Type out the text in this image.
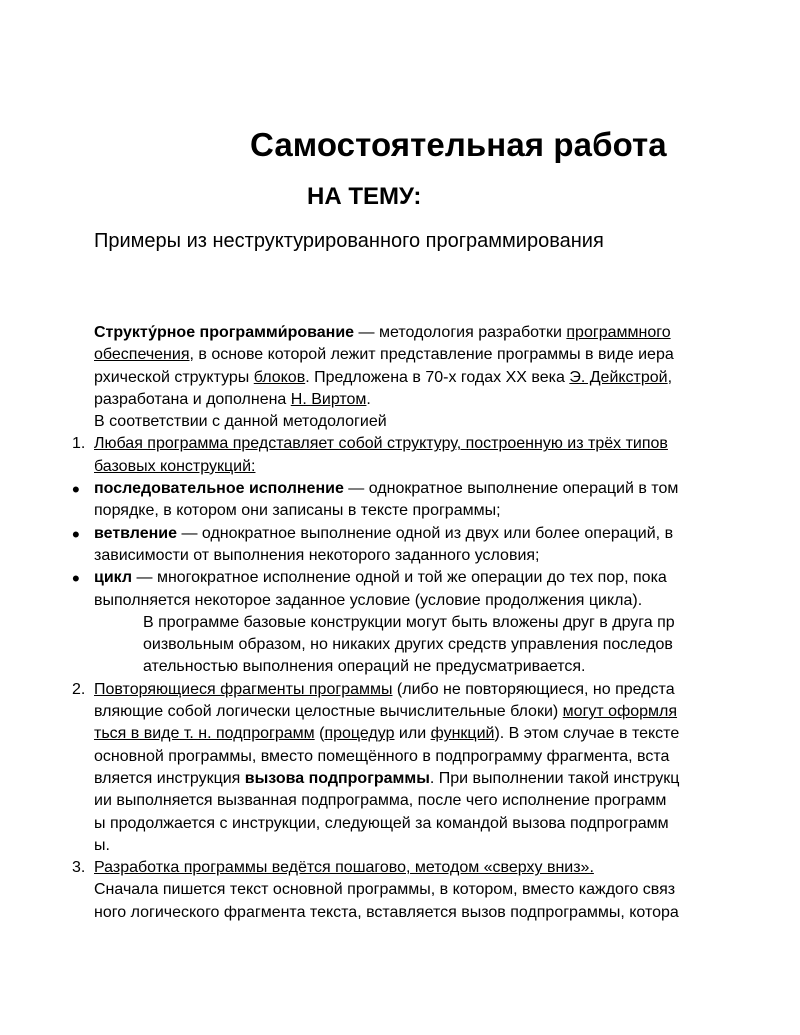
Самостоятельная работа
НА ТЕМУ:
Примеры из неструктурированного программирования
Структу́рное программи́рование — методология разработки программного
обеспечения, в основе которой лежит представление программы в виде иера
рхической структуры блоков. Предложена в 70-х годах XX века Э. Дейкстрой,
разработана и дополнена Н. Виртом.
В соответствии с данной методологией
1. Любая программа представляет собой структуру, построенную из трёх типов
базовых конструкций:
• последовательное исполнение — однократное выполнение операций в том
порядке, в котором они записаны в тексте программы;
• ветвление — однократное выполнение одной из двух или более операций, в
зависимости от выполнения некоторого заданного условия;
• цикл — многократное исполнение одной и той же операции до тех пор, пока
выполняется некоторое заданное условие (условие продолжения цикла).
В программе базовые конструкции могут быть вложены друг в друга пр
оизвольным образом, но никаких других средств управления последов
ательностью выполнения операций не предусматривается.
2. Повторяющиеся фрагменты программы (либо не повторяющиеся, но предста
вляющие собой логически целостные вычислительные блоки) могут оформля
ться в виде т. н. подпрограмм (процедур или функций). В этом случае в тексте
основной программы, вместо помещённого в подпрограмму фрагмента, вста
вляется инструкция вызова подпрограммы. При выполнении такой инструкц
ии выполняется вызванная подпрограмма, после чего исполнение программ
ы продолжается с инструкции, следующей за командой вызова подпрограмм
ы.
3. Разработка программы ведётся пошагово, методом «сверху вниз».
Сначала пишется текст основной программы, в котором, вместо каждого связ
ного логического фрагмента текста, вставляется вызов подпрограммы, котора
